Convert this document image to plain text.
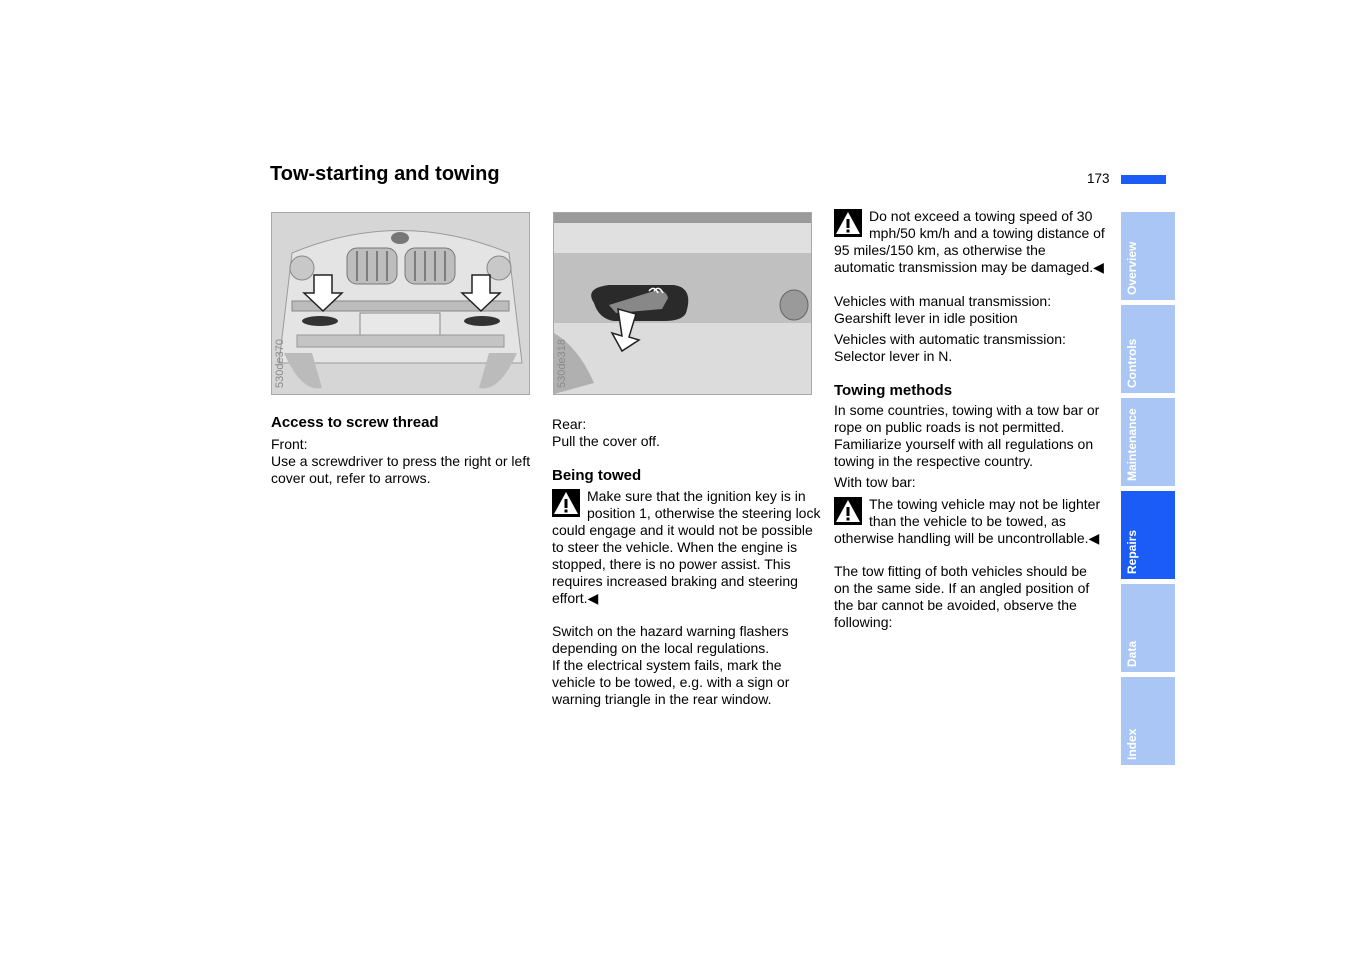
Tow-starting and towing	173
530de370	530de318

Access to screw thread

Front:

Use a screwdriver to press the right or left cover out, refer to arrows.

Rear:

Pull the cover off.

Being towed

Make sure that the ignition key is in position 1, otherwise the steering lock could engage and it would not be possible to steer the vehicle. When the engine is stopped, there is no power assist. This requires increased braking and steering effort.◀

Switch on the hazard warning flashers depending on the local regulations.

If the electrical system fails, mark the vehicle to be towed, e.g. with a sign or warning triangle in the rear window.

Do not exceed a towing speed of 30 mph/50 km/h and a towing distance of 95 miles/150 km, as otherwise the automatic transmission may be damaged.◀

Vehicles with manual transmission: Gearshift lever in idle position

Vehicles with automatic transmission: Selector lever in N.

Towing methods

In some countries, towing with a tow bar or rope on public roads is not permitted.

Familiarize yourself with all regulations on towing in the respective country.

With tow bar:

The towing vehicle may not be lighter than the vehicle to be towed, as otherwise handling will be uncontrollable.◀

The tow fitting of both vehicles should be on the same side. If an angled position of the bar cannot be avoided, observe the following:

Overview
Controls
Maintenance
Repairs
Data
Index
